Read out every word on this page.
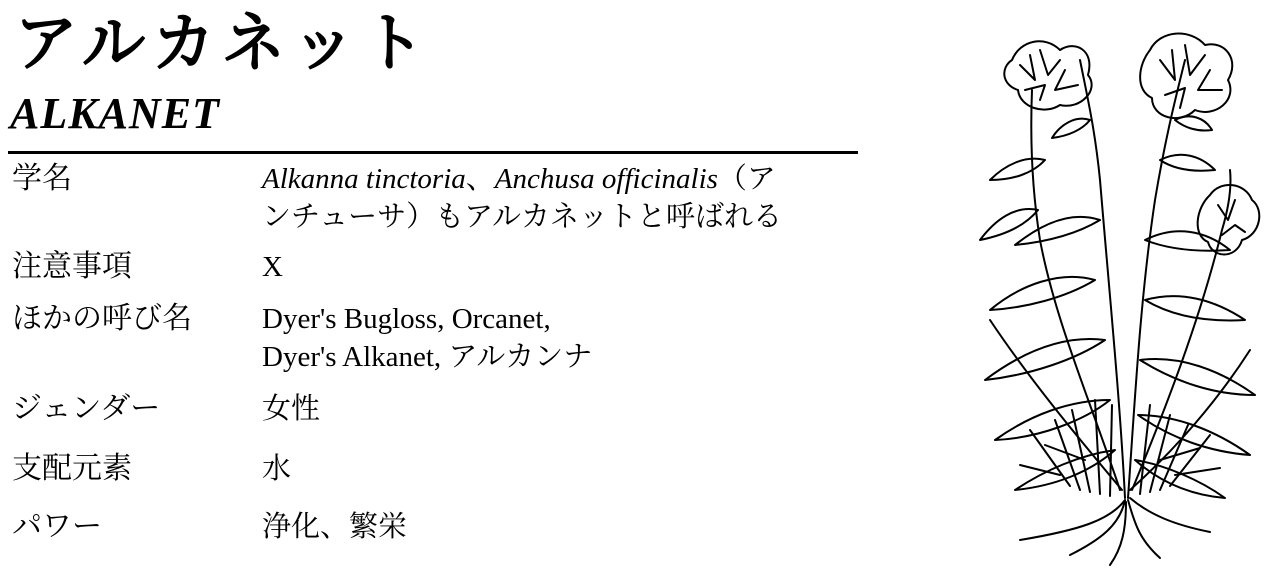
アルカネット
ALKANET
学名	Alkanna tinctoria、Anchusa officinalis（ア
ンチューサ）もアルカネットと呼ばれる
注意事項	X
ほかの呼び名 Dyer's Bugloss, Orcanet,
Dyer's Alkanet, アルカンナ
ジェンダー	女性
支配元素	水
パワー	浄化、繁栄
